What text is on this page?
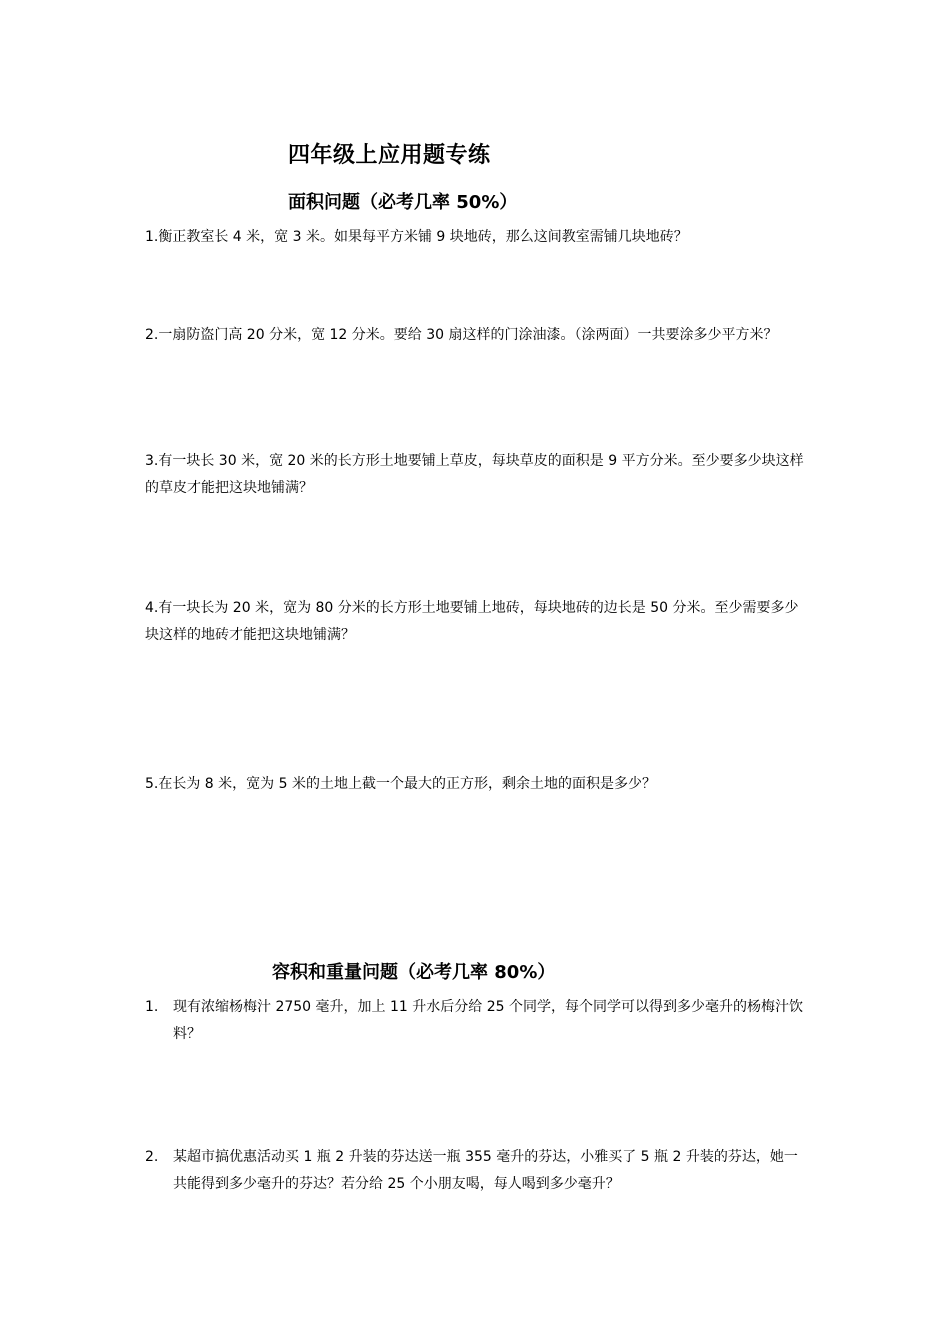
四年级上应用题专练
面积问题（必考几率 50%）

1.衡正教室长 4 米，宽 3 米。如果每平方米铺 9 块地砖，那么这间教室需铺几块地砖？

2.一扇防盗门高 20 分米，宽 12 分米。要给 30 扇这样的门涂油漆。（涂两面）一共要涂多少平方米？

3.有一块长 30 米，宽 20 米的长方形土地要铺上草皮，每块草皮的面积是 9 平方分米。至少要多少块这样的草皮才能把这块地铺满？

4.有一块长为 20 米，宽为 80 分米的长方形土地要铺上地砖，每块地砖的边长是 50 分米。至少需要多少块这样的地砖才能把这块地铺满？

5.在长为 8 米，宽为 5 米的土地上截一个最大的正方形，剩余土地的面积是多少？

容积和重量问题（必考几率 80%）
1. 现有浓缩杨梅汁 2750 毫升，加上 11 升水后分给 25 个同学，每个同学可以得到多少毫升的杨梅汁饮料？
2. 某超市搞优惠活动买 1 瓶 2 升装的芬达送一瓶 355 毫升的芬达，小雅买了 5 瓶 2 升装的芬达，她一共能得到多少毫升的芬达？若分给 25 个小朋友喝，每人喝到多少毫升？
